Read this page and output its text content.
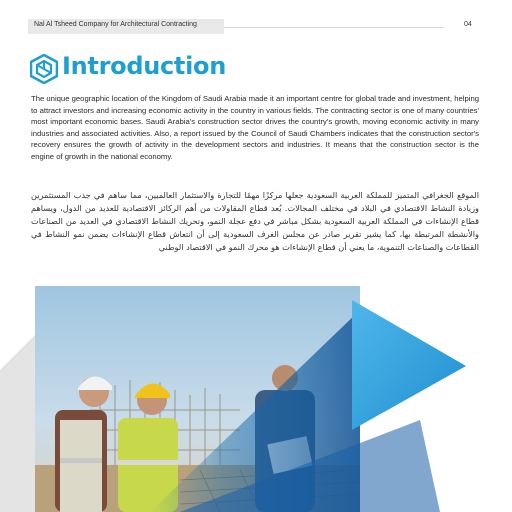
Nal Al Tsheed Company for Architectural Contracting	04
Introduction

The unique geographic location of the Kingdom of Saudi Arabia made it an important centre for global trade and investment, helping to attract investors and increasing economic activity in the country in various fields. The contracting sector is one of many countries' most important economic bases. Saudi Arabia's construction sector drives the country's growth, moving economic activity in many industries and associated activities. Also, a report issued by the Council of Saudi Chambers indicates that the construction sector's recovery ensures the growth of activity in the development sectors and industries. It means that the construction sector is the engine of growth in the national economy.

الموقع الجغرافي المتميز للمملكة العربية السعودية جعلها مركزًا مهمًا للتجارة والاستثمار العالميين، مما ساهم في جذب المستثمرين وزيادة النشاط الاقتصادي في البلاد في مختلف المجالات. يُعد قطاع المقاولات من أهم الركائز الاقتصادية للعديد من الدول، ويساهم قطاع الإنشاءات في المملكة العربية السعودية بشكل مباشر في دفع عجلة النمو، وتحريك النشاط الاقتصادي في العديد من الصناعات والأنشطة المرتبطة بها، كما يشير تقرير صادر عن مجلس الغرف السعودية إلى أن انتعاش قطاع الإنشاءات يضمن نمو النشاط في القطاعات والصناعات التنموية، ما يعني أن قطاع الإنشاءات هو محرك النمو في الاقتصاد الوطني
